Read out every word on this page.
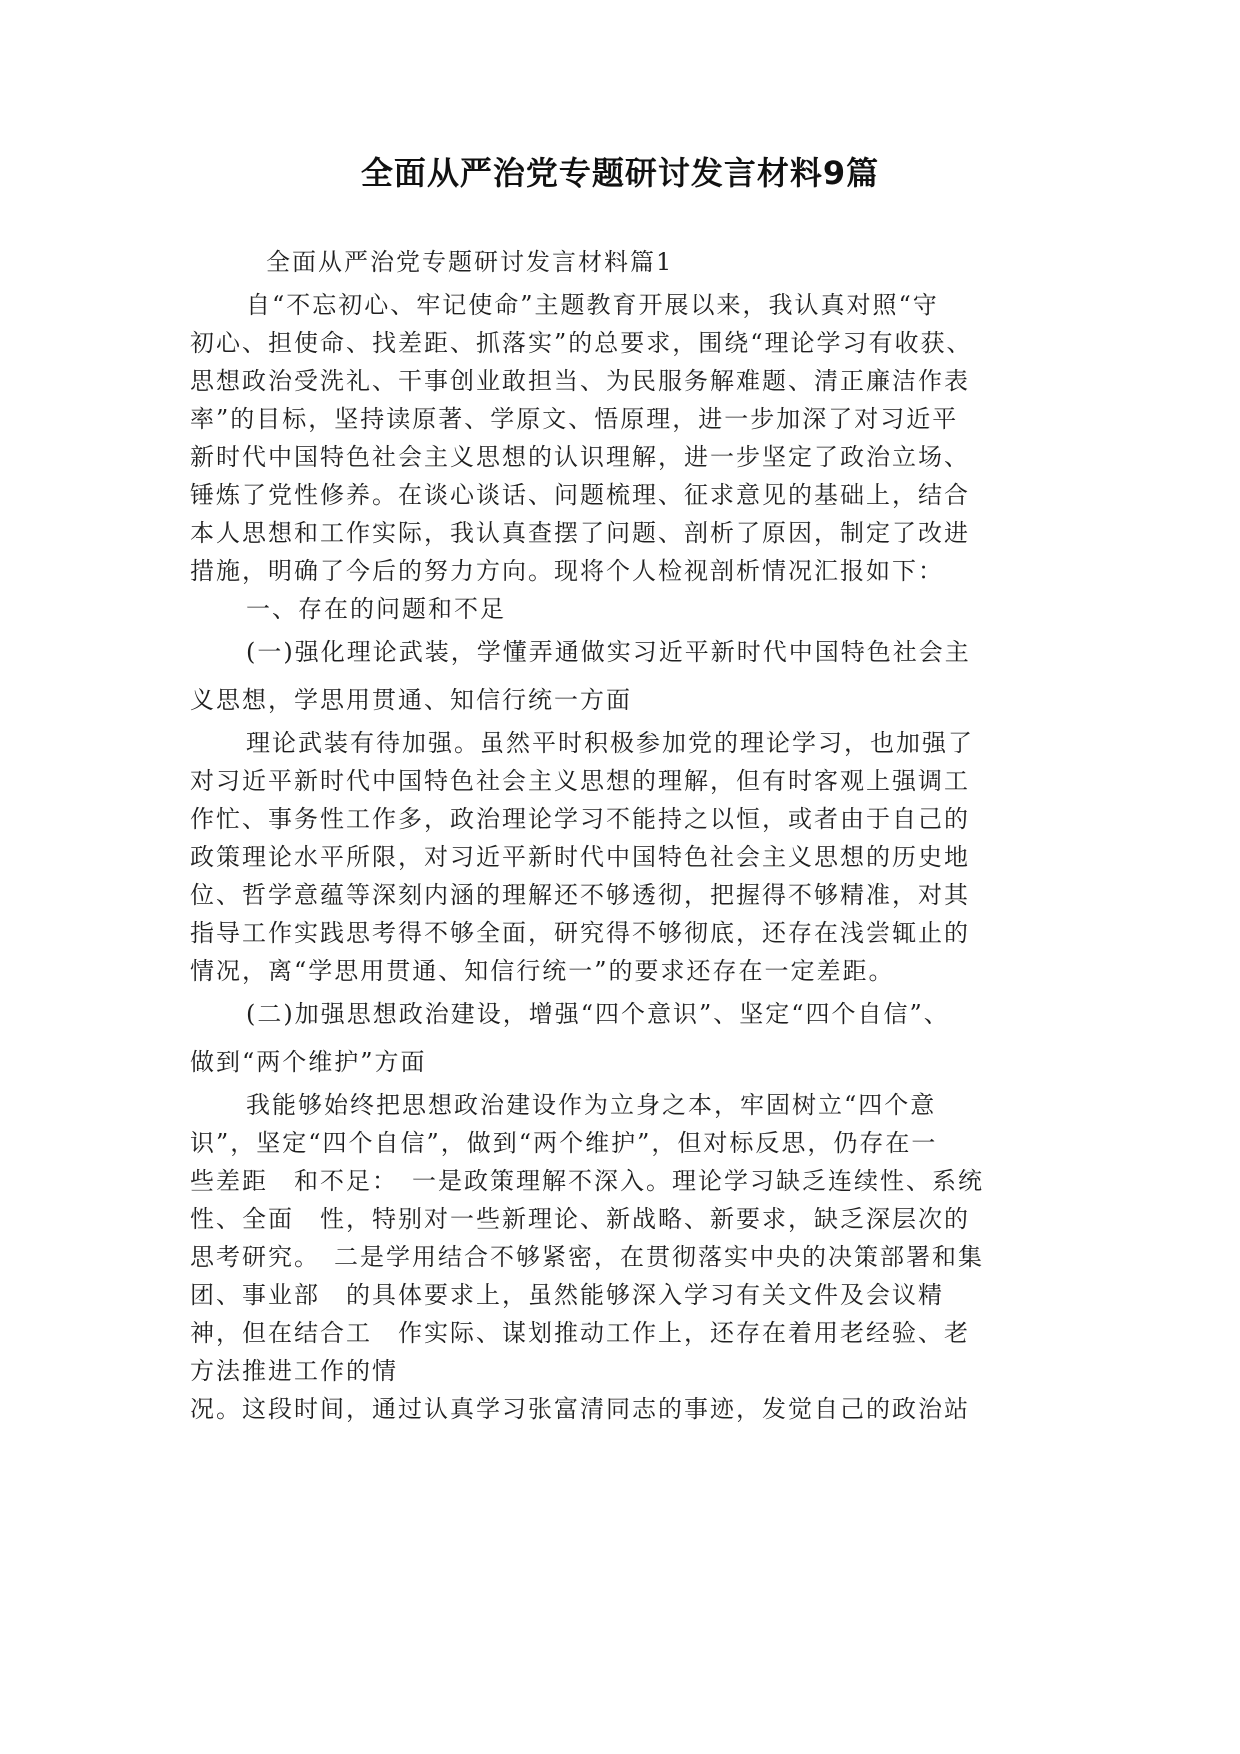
全面从严治党专题研讨发言材料9篇
全面从严治党专题研讨发言材料篇1
自“不忘初心、牢记使命”主题教育开展以来，我认真对照“守
初心、担使命、找差距、抓落实”的总要求，围绕“理论学习有收获、
思想政治受洗礼、干事创业敢担当、为民服务解难题、清正廉洁作表
率”的目标，坚持读原著、学原文、悟原理，进一步加深了对习近平
新时代中国特色社会主义思想的认识理解，进一步坚定了政治立场、
锤炼了党性修养。在谈心谈话、问题梳理、征求意见的基础上，结合
本人思想和工作实际，我认真查摆了问题、剖析了原因，制定了改进
措施，明确了今后的努力方向。现将个人检视剖析情况汇报如下：
一、存在的问题和不足
(一)强化理论武装，学懂弄通做实习近平新时代中国特色社会主
义思想，学思用贯通、知信行统一方面
理论武装有待加强。虽然平时积极参加党的理论学习，也加强了
对习近平新时代中国特色社会主义思想的理解，但有时客观上强调工
作忙、事务性工作多，政治理论学习不能持之以恒，或者由于自己的
政策理论水平所限，对习近平新时代中国特色社会主义思想的历史地
位、哲学意蕴等深刻内涵的理解还不够透彻，把握得不够精准，对其
指导工作实践思考得不够全面，研究得不够彻底，还存在浅尝辄止的
情况，离“学思用贯通、知信行统一”的要求还存在一定差距。
(二)加强思想政治建设，增强“四个意识”、坚定“四个自信”、
做到“两个维护”方面
我能够始终把思想政治建设作为立身之本，牢固树立“四个意
识”，坚定“四个自信”，做到“两个维护”，但对标反思，仍存在一
些差距　和不足：　一是政策理解不深入。理论学习缺乏连续性、系统
性、全面　性，特别对一些新理论、新战略、新要求，缺乏深层次的
思考研究。　二是学用结合不够紧密，在贯彻落实中央的决策部署和集
团、事业部　的具体要求上，虽然能够深入学习有关文件及会议精
神，但在结合工　作实际、谋划推动工作上，还存在着用老经验、老
方法推进工作的情
况。这段时间，通过认真学习张富清同志的事迹，发觉自己的政治站
